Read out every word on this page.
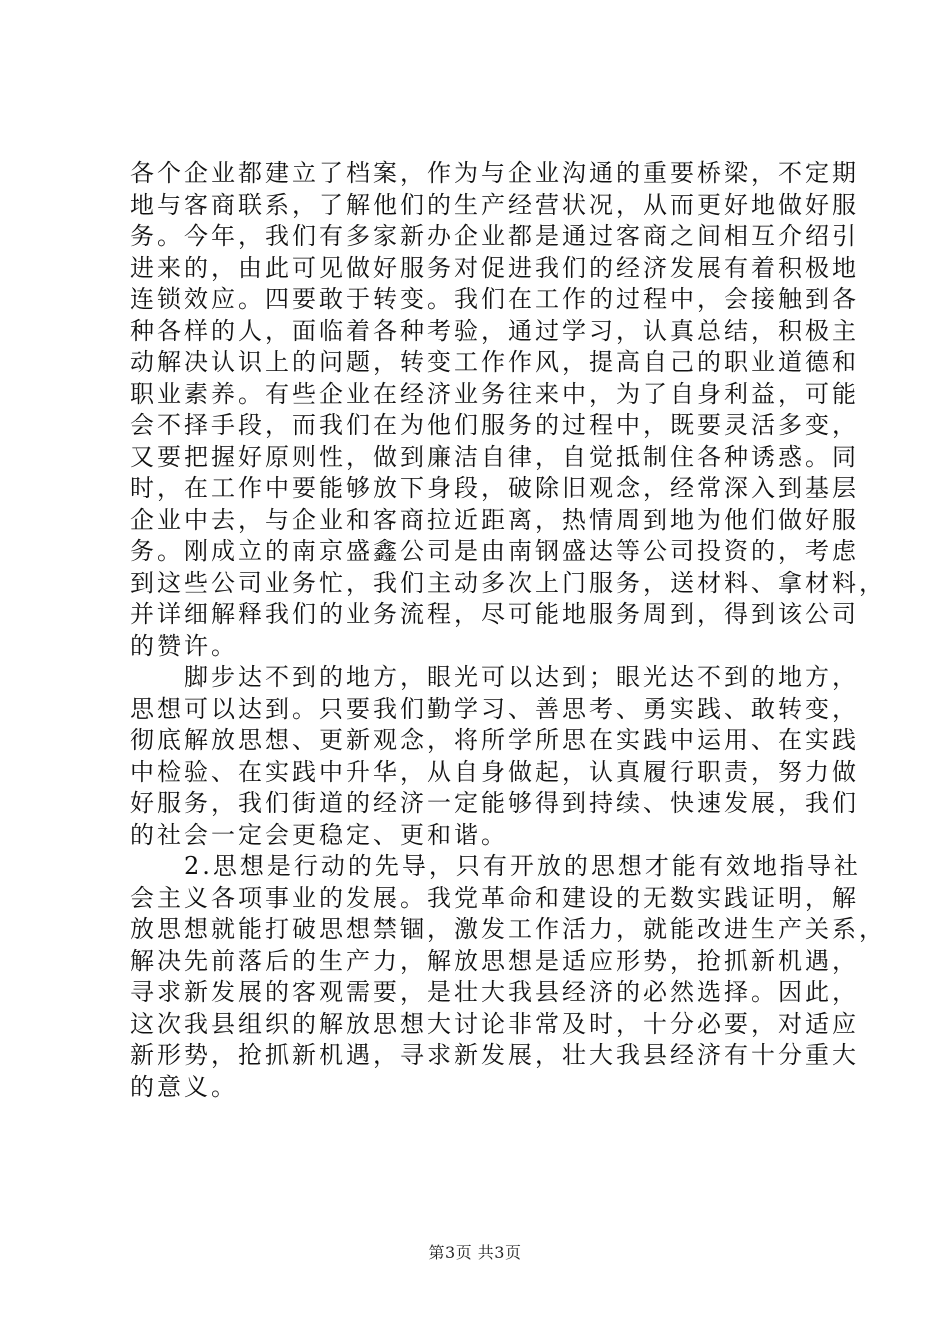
各个企业都建立了档案，作为与企业沟通的重要桥梁，不定期
地与客商联系，了解他们的生产经营状况，从而更好地做好服
务。今年，我们有多家新办企业都是通过客商之间相互介绍引
进来的，由此可见做好服务对促进我们的经济发展有着积极地
连锁效应。四要敢于转变。我们在工作的过程中，会接触到各
种各样的人，面临着各种考验，通过学习，认真总结，积极主
动解决认识上的问题，转变工作作风，提高自己的职业道德和
职业素养。有些企业在经济业务往来中，为了自身利益，可能
会不择手段，而我们在为他们服务的过程中，既要灵活多变，
又要把握好原则性，做到廉洁自律，自觉抵制住各种诱惑。同
时，在工作中要能够放下身段，破除旧观念，经常深入到基层
企业中去，与企业和客商拉近距离，热情周到地为他们做好服
务。刚成立的南京盛鑫公司是由南钢盛达等公司投资的，考虑
到这些公司业务忙，我们主动多次上门服务，送材料、拿材料，
并详细解释我们的业务流程，尽可能地服务周到，得到该公司
的赞许。
　　脚步达不到的地方，眼光可以达到；眼光达不到的地方，
思想可以达到。只要我们勤学习、善思考、勇实践、敢转变，
彻底解放思想、更新观念，将所学所思在实践中运用、在实践
中检验、在实践中升华，从自身做起，认真履行职责，努力做
好服务，我们街道的经济一定能够得到持续、快速发展，我们
的社会一定会更稳定、更和谐。
　　2.思想是行动的先导，只有开放的思想才能有效地指导社
会主义各项事业的发展。我党革命和建设的无数实践证明，解
放思想就能打破思想禁锢，激发工作活力，就能改进生产关系，
解决先前落后的生产力，解放思想是适应形势，抢抓新机遇，
寻求新发展的客观需要，是壮大我县经济的必然选择。因此，
这次我县组织的解放思想大讨论非常及时，十分必要，对适应
新形势，抢抓新机遇，寻求新发展，壮大我县经济有十分重大
的意义。
第3页 共3页
